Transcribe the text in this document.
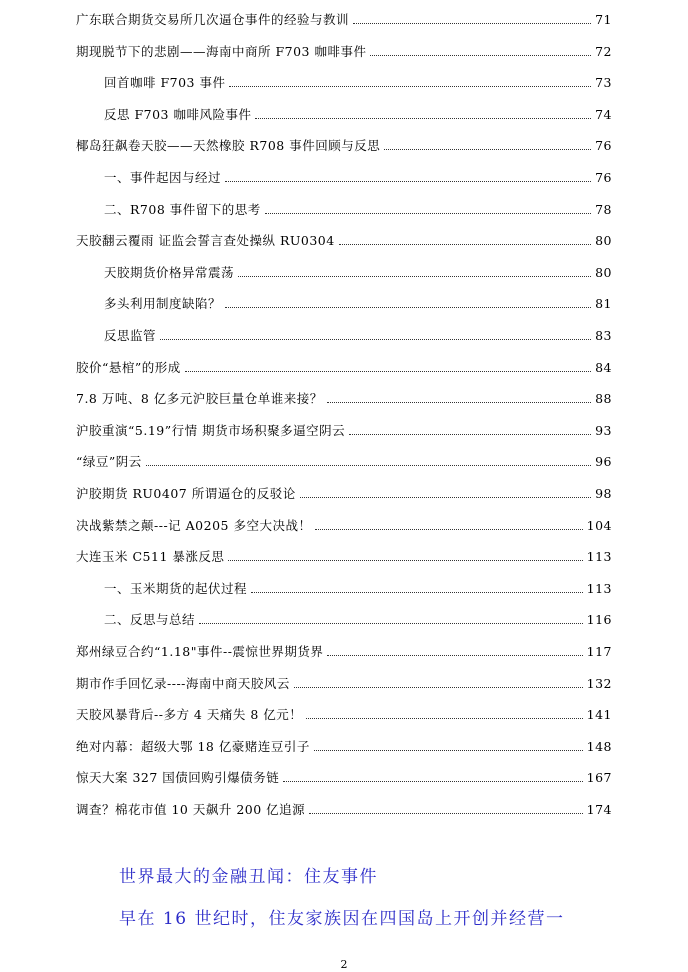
广东联合期货交易所几次逼仓事件的经验与教训	71
期现脱节下的悲剧——海南中商所 F703 咖啡事件	72
回首咖啡 F703 事件	73
反思 F703 咖啡风险事件	74
椰岛狂飙卷天胶——天然橡胶 R708 事件回顾与反思	76
一、事件起因与经过	76
二、R708 事件留下的思考	78
天胶翻云覆雨 证监会誓言查处操纵 RU0304	80
天胶期货价格异常震荡	80
多头利用制度缺陷？	81
反思监管	83
胶价“悬棺”的形成	84
7.8 万吨、8 亿多元沪胶巨量仓单谁来接？	88
沪胶重演“5.19”行情 期货市场积聚多逼空阴云	93
“绿豆”阴云	96
沪胶期货 RU0407 所谓逼仓的反驳论	98
决战紫禁之颠---记 A0205 多空大决战！	104
大连玉米 C511 暴涨反思	113
一、玉米期货的起伏过程	113
二、反思与总结	116
郑州绿豆合约“1.18"事件--震惊世界期货界	117
期市作手回忆录----海南中商天胶风云	132
天胶风暴背后--多方 4 天痛失 8 亿元！	141
绝对内幕：超级大鄂 18 亿豪赌连豆引子	148
惊天大案 327 国债回购引爆债务链	167
调查？棉花市值 10 天飙升 200 亿追源	174
世界最大的金融丑闻：住友事件
早在 16 世纪时，住友家族因在四国岛上开创并经营一
2
